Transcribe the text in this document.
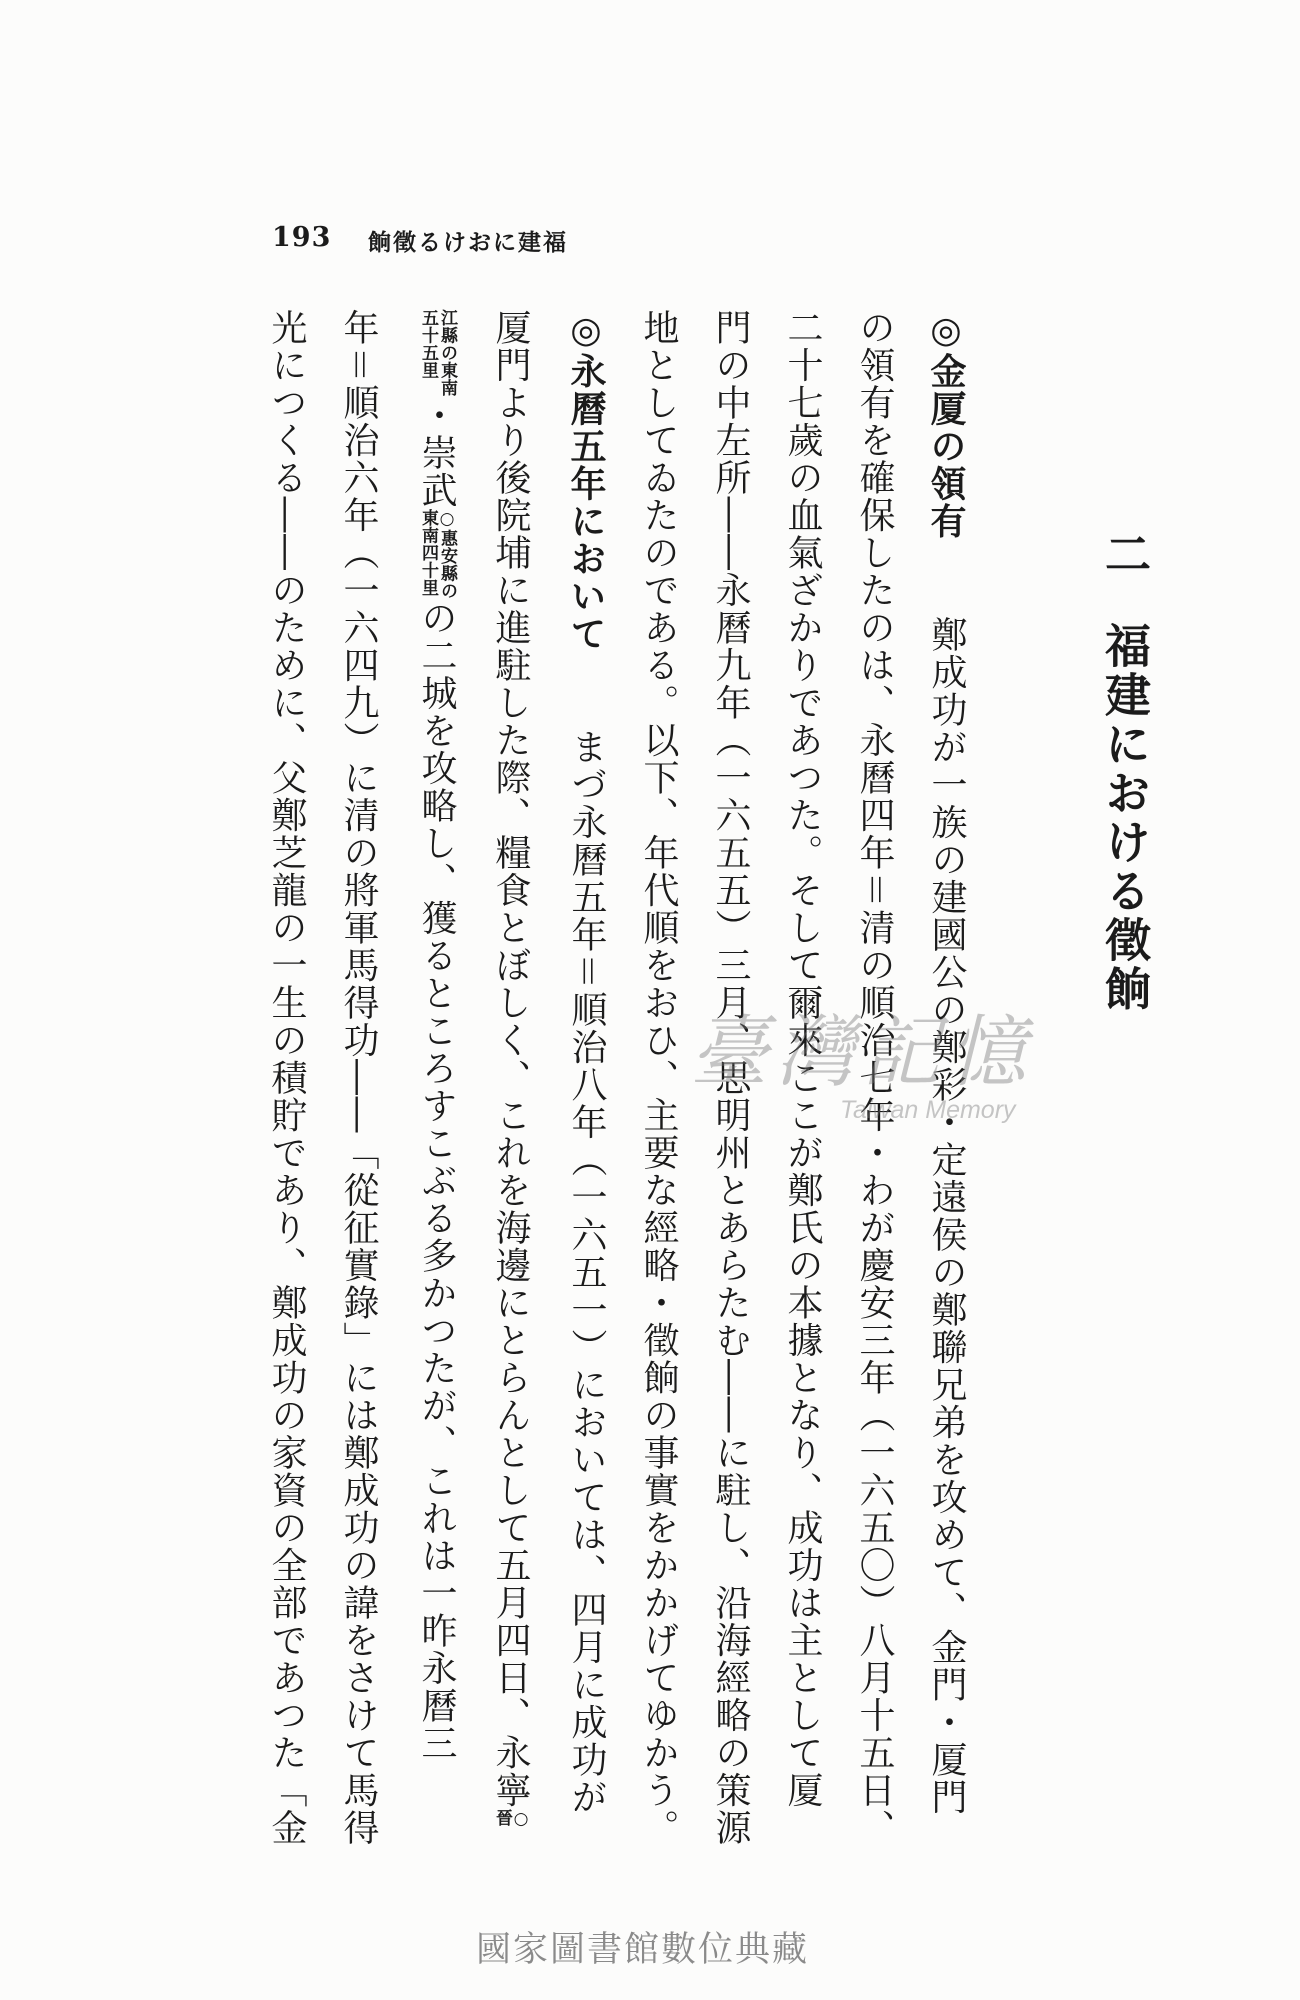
193 福建における徵餉
二
福建における徵餉
◎金厦の領有鄭成功が一族の建國公の鄭彩・定遠侯の鄭聯兄弟を攻めて、金門・厦門
の領有を確保したのは、永曆四年＝清の順治七年・わが慶安三年（一六五〇）八月十五日、
二十七歲の血氣ざかりであつた。そして爾來ここが鄭氏の本據となり、成功は主として厦
門の中左所――永曆九年（一六五五）三月、思明州とあらたむ――に駐し、沿海經略の策源
地としてゐたのである。以下、年代順をおひ、主要な經略・徵餉の事實をかかげてゆかう。
◎永曆五年においてまづ永曆五年＝順治八年（一六五一）においては、四月に成功が
厦門より後院埔に進駐した際、糧食とぼしく、これを海邊にとらんとして五月四日、永寧
○
晉
江縣の東南
五十五里
・崇武
○惠安縣の
東南四十里
の二城を攻略し、獲るところすこぶる多かつたが、これは一昨永曆三
年＝順治六年（一六四九）に清の將軍馬得功――「從征實錄」には鄭成功の諱をさけて馬得
光につくる――のために、父鄭芝龍の一生の積貯であり、鄭成功の家資の全部であつた「金	臺灣記憶
Taiwan Memory
國家圖書館數位典藏
